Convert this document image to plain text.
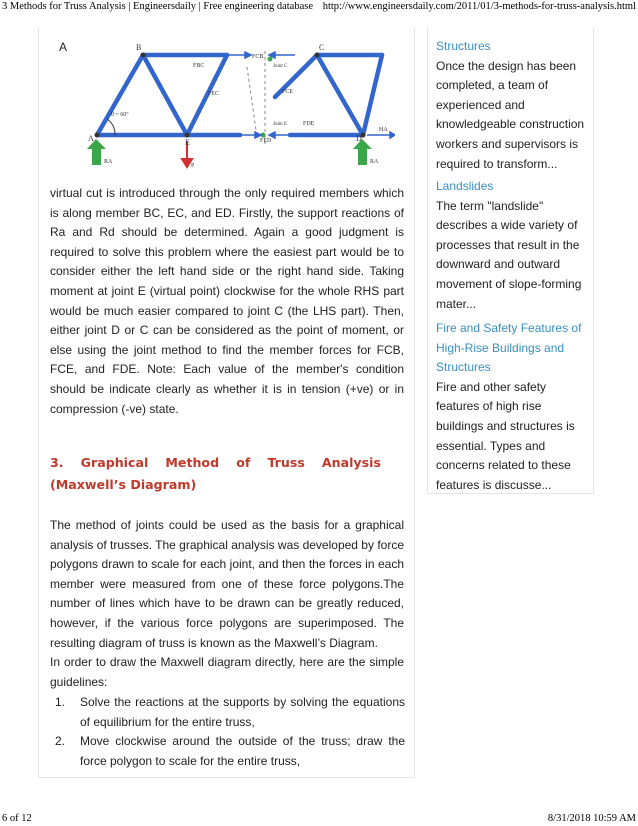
3 Methods for Truss Analysis | Engineersdaily | Free engineering database http://www.engineersdaily.com/2011/01/3-methods-for-truss-analysis.html
A	B	C
A	E	D
FCB
FBC
FEC	FCE
FED
FDE
Joint C
Joint E
HA
RA	RA
P
θ = 60°

virtual cut is introduced through the only required members which is along member BC, EC, and ED. Firstly, the support reactions of Ra and Rd should be determined. Again a good judgment is required to solve this problem where the easiest part would be to consider either the left hand side or the right hand side. Taking moment at joint E (virtual point) clockwise for the whole RHS part would be much easier compared to joint C (the LHS part). Then, either joint D or C can be considered as the point of moment, or else using the joint method to find the member forces for FCB, FCE, and FDE. Note: Each value of the member's condition should be indicate clearly as whether it is in tension (+ve) or in compression (-ve) state.

3. Graphical Method of Truss Analysis
(Maxwell’s Diagram)
The method of joints could be used as the basis for a graphical analysis of trusses. The graphical analysis was developed by force polygons drawn to scale for each joint, and then the forces in each member were measured from one of these force polygons.The number of lines which have to be drawn can be greatly reduced, however, if the various force polygons are superimposed. The resulting diagram of truss is known as the Maxwell’s Diagram.
In order to draw the Maxwell diagram directly, here are the simple guidelines:
1. Solve the reactions at the supports by solving the equations of equilibrium for the entire truss,
2. Move clockwise around the outside of the truss; draw the force polygon to scale for the entire truss,
Structures
Once the design has been completed, a team of experienced and knowledgeable construction workers and supervisors is required to transform...
Landslides
The term "landslide" describes a wide variety of processes that result in the downward and outward movement of slope-forming mater...
Fire and Safety Features of High-Rise Buildings and Structures
Fire and other safety features of high rise buildings and structures is essential. Types and concerns related to these features is discusse...
6 of 12	8/31/2018 10:59 AM
